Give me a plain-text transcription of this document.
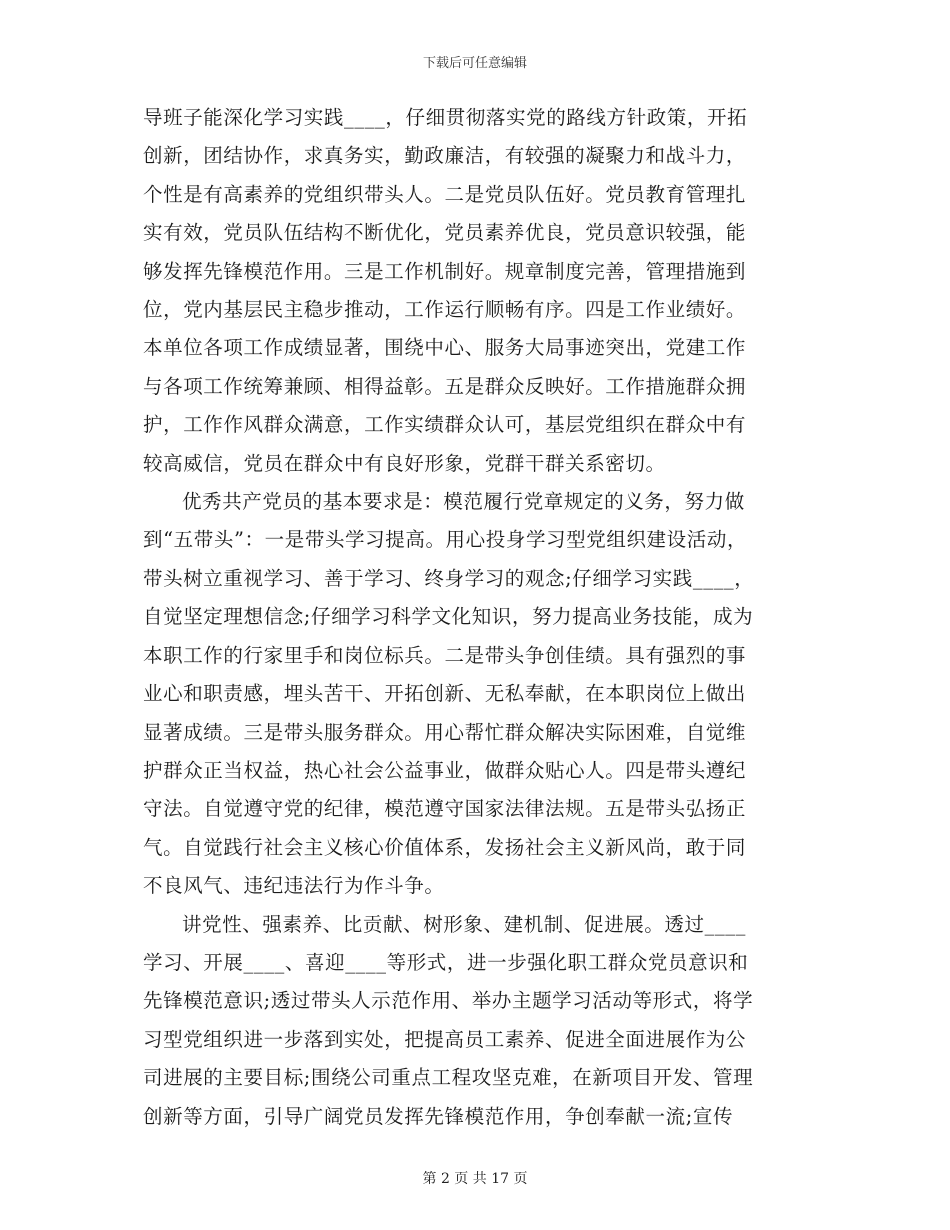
下载后可任意编辑
导班子能深化学习实践____，仔细贯彻落实党的路线方针政策，开拓
创新，团结协作，求真务实，勤政廉洁，有较强的凝聚力和战斗力，
个性是有高素养的党组织带头人。二是党员队伍好。党员教育管理扎
实有效，党员队伍结构不断优化，党员素养优良，党员意识较强，能
够发挥先锋模范作用。三是工作机制好。规章制度完善，管理措施到
位，党内基层民主稳步推动，工作运行顺畅有序。四是工作业绩好。
本单位各项工作成绩显著，围绕中心、服务大局事迹突出，党建工作
与各项工作统筹兼顾、相得益彰。五是群众反映好。工作措施群众拥
护，工作作风群众满意，工作实绩群众认可，基层党组织在群众中有
较高威信，党员在群众中有良好形象，党群干群关系密切。
优秀共产党员的基本要求是：模范履行党章规定的义务，努力做
到“五带头”：一是带头学习提高。用心投身学习型党组织建设活动，
带头树立重视学习、善于学习、终身学习的观念;仔细学习实践____，
自觉坚定理想信念;仔细学习科学文化知识，努力提高业务技能，成为
本职工作的行家里手和岗位标兵。二是带头争创佳绩。具有强烈的事
业心和职责感，埋头苦干、开拓创新、无私奉献，在本职岗位上做出
显著成绩。三是带头服务群众。用心帮忙群众解决实际困难，自觉维
护群众正当权益，热心社会公益事业，做群众贴心人。四是带头遵纪
守法。自觉遵守党的纪律，模范遵守国家法律法规。五是带头弘扬正
气。自觉践行社会主义核心价值体系，发扬社会主义新风尚，敢于同
不良风气、违纪违法行为作斗争。
讲党性、强素养、比贡献、树形象、建机制、促进展。透过____
学习、开展____、喜迎____等形式，进一步强化职工群众党员意识和
先锋模范意识;透过带头人示范作用、举办主题学习活动等形式，将学
习型党组织进一步落到实处，把提高员工素养、促进全面进展作为公
司进展的主要目标;围绕公司重点工程攻坚克难，在新项目开发、管理
创新等方面，引导广阔党员发挥先锋模范作用，争创奉献一流;宣传
第 2 页 共 17 页
